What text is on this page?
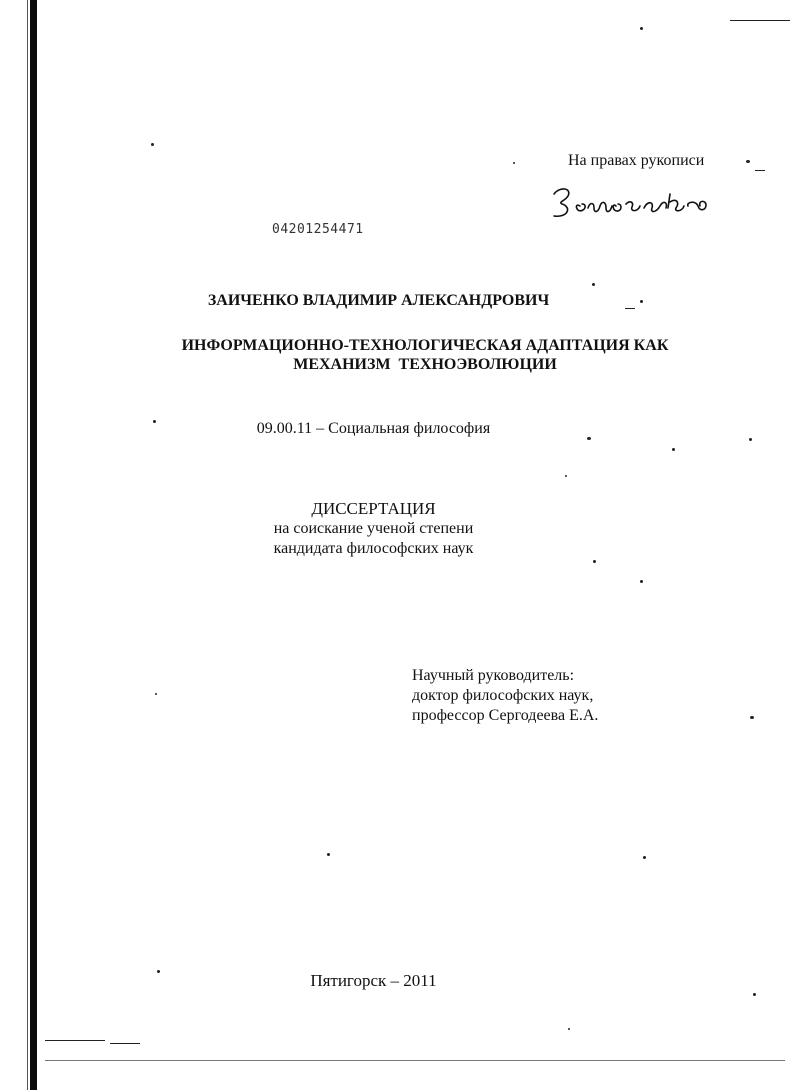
На правах рукописи
04201254471
ЗАИЧЕНКО ВЛАДИМИР АЛЕКСАНДРОВИЧ
ИНФОРМАЦИОННО-ТЕХНОЛОГИЧЕСКАЯ АДАПТАЦИЯ КАК
МЕХАНИЗМ  ТЕХНОЭВОЛЮЦИИ
09.00.11 – Социальная философия
ДИССЕРТАЦИЯ
на соискание ученой степени
кандидата философских наук
Научный руководитель:
доктор философских наук,
профессор Сергодеева Е.А.
Пятигорск – 2011
